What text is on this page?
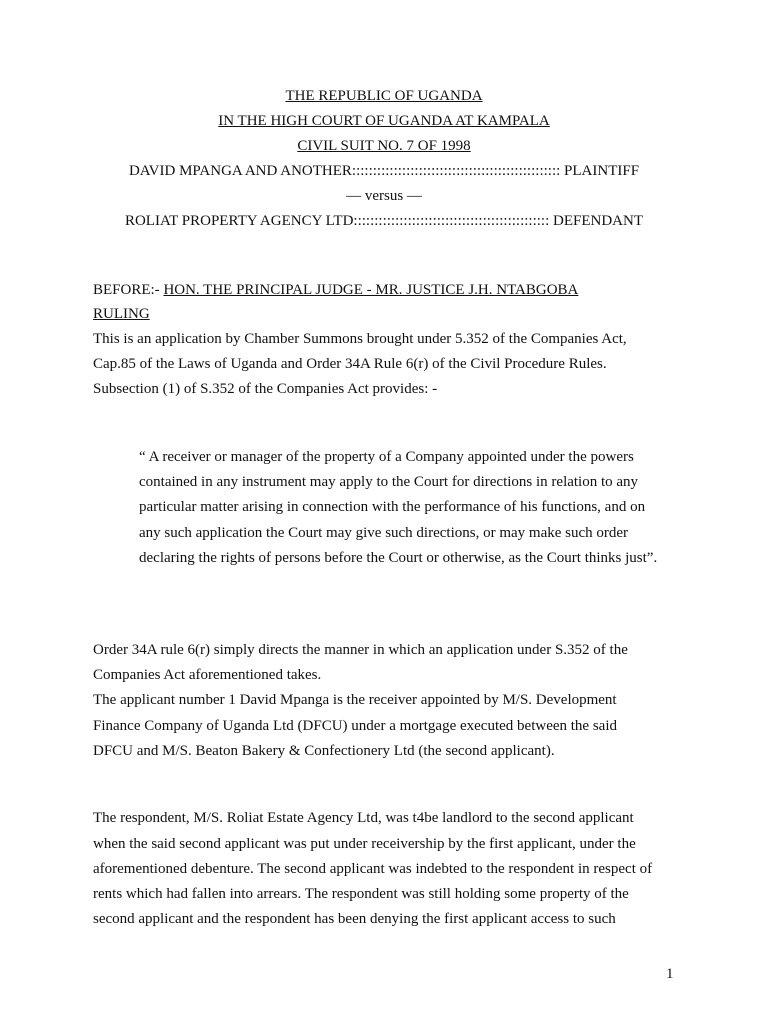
THE REPUBLIC OF UGANDA
IN THE HIGH COURT OF UGANDA AT KAMPALA
CIVIL SUIT NO. 7 OF 1998
DAVID MPANGA AND ANOTHER:::::::::::::::::::::::::::::::::::::::::::::::::: PLAINTIFF
— versus —
ROLIAT PROPERTY AGENCY LTD::::::::::::::::::::::::::::::::::::::::::::::: DEFENDANT
BEFORE:- HON. THE PRINCIPAL JUDGE - MR. JUSTICE J.H. NTABGOBA
RULING
This is an application by Chamber Summons brought under 5.352 of the Companies Act,
Cap.85 of the Laws of Uganda and Order 34A Rule 6(r) of the Civil Procedure Rules.
Subsection (1) of S.352 of the Companies Act provides: -
“ A receiver or manager of the property of a Company appointed under the powers
contained in any instrument may apply to the Court for directions in relation to any
particular matter arising in connection with the performance of his functions, and on
any such application the Court may give such directions, or may make such order
declaring the rights of persons before the Court or otherwise, as the Court thinks just”.
Order 34A rule 6(r) simply directs the manner in which an application under S.352 of the
Companies Act aforementioned takes.
The applicant number 1 David Mpanga is the receiver appointed by M/S. Development
Finance Company of Uganda Ltd (DFCU) under a mortgage executed between the said
DFCU and M/S. Beaton Bakery & Confectionery Ltd (the second applicant).
The respondent, M/S. Roliat Estate Agency Ltd, was t4be landlord to the second applicant
when the said second applicant was put under receivership by the first applicant, under the
aforementioned debenture. The second applicant was indebted to the respondent in respect of
rents which had fallen into arrears. The respondent was still holding some property of the
second applicant and the respondent has been denying the first applicant access to such
1
